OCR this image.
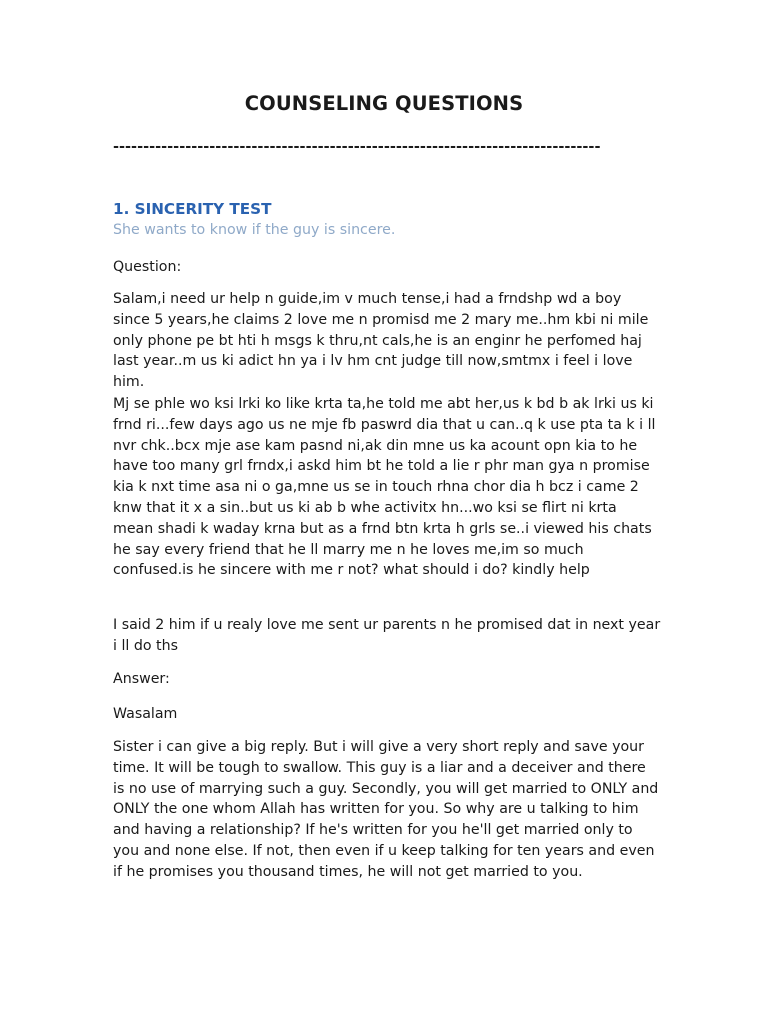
COUNSELING QUESTIONS

---------------------------------------------------------------------------------

1. SINCERITY TEST

She wants to know if the guy is sincere.

Question:

Salam,i need ur help n guide,im v much tense,i had a frndshp wd a boy since 5 years,he claims 2 love me n promisd me 2 mary me..hm kbi ni mile only phone pe bt hti h msgs k thru,nt cals,he is an enginr he perfomed haj last year..m us ki adict hn ya i lv hm cnt judge till now,smtmx i feel i love him.

Mj se phle wo ksi lrki ko like krta ta,he told me abt her,us k bd b ak lrki us ki frnd ri...few days ago us ne mje fb paswrd dia that u can..q k use pta ta k i ll nvr chk..bcx mje ase kam pasnd ni,ak din mne us ka acount opn kia to he have too many grl frndx,i askd him bt he told a lie r phr man gya n promise kia k nxt time asa ni o ga,mne us se in touch rhna chor dia h bcz i came 2 knw that it x a sin..but us ki ab b whe activitx hn...wo ksi se flirt ni krta mean shadi k waday krna but as a frnd btn krta h grls se..i viewed his chats he say every friend that he ll marry me n he loves me,im so much confused.is he sincere with me r not? what should i do? kindly help

I said 2 him if u realy love me sent ur parents n he promised dat in next year i ll do ths

Answer:

Wasalam

Sister i can give a big reply. But i will give a very short reply and save your time. It will be tough to swallow. This guy is a liar and a deceiver and there is no use of marrying such a guy. Secondly, you will get married to ONLY and ONLY the one whom Allah has written for you. So why are u talking to him and having a relationship? If he's written for you he'll get married only to you and none else. If not, then even if u keep talking for ten years and even if he promises you thousand times, he will not get married to you.
